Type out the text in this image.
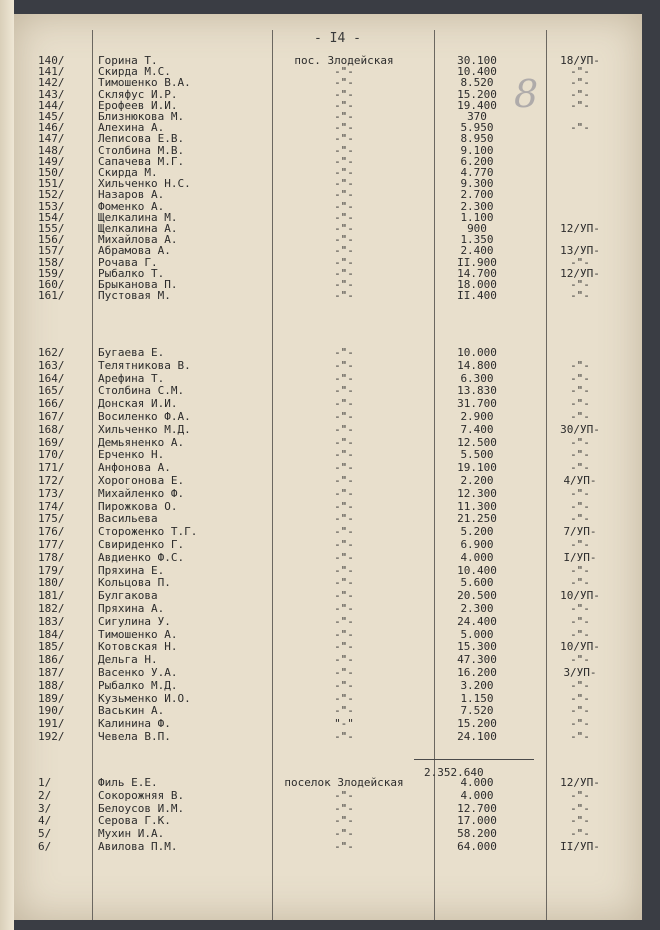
- I4 -
8
140/	Горина Т.	пос. Злодейская	30.100	18/УП-
141/	Скирда М.С.	-"-	10.400	-"-
142/	Тимошенко В.А.	-"-	8.520	-"-
143/	Скляфус И.Р.	-"-	15.200	-"-
144/	Ерофеев И.И.	-"-	19.400	-"-
145/	Близнюкова М.	-"-	370
146/	Алехина А.	-"-	5.950	-"-
147/	Леписова Е.В.	-"-	8.950
148/	Столбина М.В.	-"-	9.100
149/	Сапачева М.Г.	-"-	6.200
150/	Скирда М.	-"-	4.770
151/	Хильченко Н.С.	-"-	9.300
152/	Назаров А.	-"-	2.700
153/	Фоменко А.	-"-	2.300
154/	Щелкалина М.	-"-	1.100
155/	Щелкалина А.	-"-	900	12/УП-
156/	Михайлова А.	-"-	1.350
157/	Абрамова А.	-"-	2.400	13/УП-
158/	Рочава Г.	-"-	II.900	-"-
159/	Рыбалко Т.	-"-	14.700	12/УП-
160/	Брыканова П.	-"-	18.000	-"-
161/	Пустовая М.	-"-	II.400	-"-
162/	Бугаева Е.	-"-	10.000
163/	Телятникова В.	-"-	14.800	-"-
164/	Арефина Т.	-"-	6.300	-"-
165/	Столбина С.М.	-"-	13.830	-"-
166/	Донская И.И.	-"-	31.700	-"-
167/	Восиленко Ф.А.	-"-	2.900	-"-
168/	Хильченко М.Д.	-"-	7.400	30/УП-
169/	Демьяненко А.	-"-	12.500	-"-
170/	Ерченко Н.	-"-	5.500	-"-
171/	Анфонова А.	-"-	19.100	-"-
172/	Хорогонова Е.	-"-	2.200	4/УП-
173/	Михайленко Ф.	-"-	12.300	-"-
174/	Пирожкова О.	-"-	11.300	-"-
175/	Васильева	-"-	21.250	-"-
176/	Стороженко Т.Г.	-"-	5.200	7/УП-
177/	Свириденко Г.	-"-	6.900	-"-
178/	Авдиенко Ф.С.	-"-	4.000	I/УП-
179/	Пряхина Е.	-"-	10.400	-"-
180/	Кольцова П.	-"-	5.600	-"-
181/	Булгакова	-"-	20.500	10/УП-
182/	Пряхина А.	-"-	2.300	-"-
183/	Сигулина У.	-"-	24.400	-"-
184/	Тимошенко А.	-"-	5.000	-"-
185/	Котовская Н.	-"-	15.300	10/УП-
186/	Дельга Н.	-"-	47.300	-"-
187/	Васенко У.А.	-"-	16.200	3/УП-
188/	Рыбалко М.Д.	-"-	3.200	-"-
189/	Кузьменко И.О.	-"-	1.150	-"-
190/	Васькин А.	-"-	7.520	-"-
191/	Калинина Ф.	"-"	15.200	-"-
192/	Чевела В.П.	-"-	24.100	-"-
2.352.640
1/	Филь Е.Е.	поселок Злодейская	4.000	12/УП-
2/	Сокорожняя В.	-"-	4.000	-"-
3/	Белоусов И.М.	-"-	12.700	-"-
4/	Серова Г.К.	-"-	17.000	-"-
5/	Мухин И.А.	-"-	58.200	-"-
6/	Авилова П.М.	-"-	64.000	II/УП-
